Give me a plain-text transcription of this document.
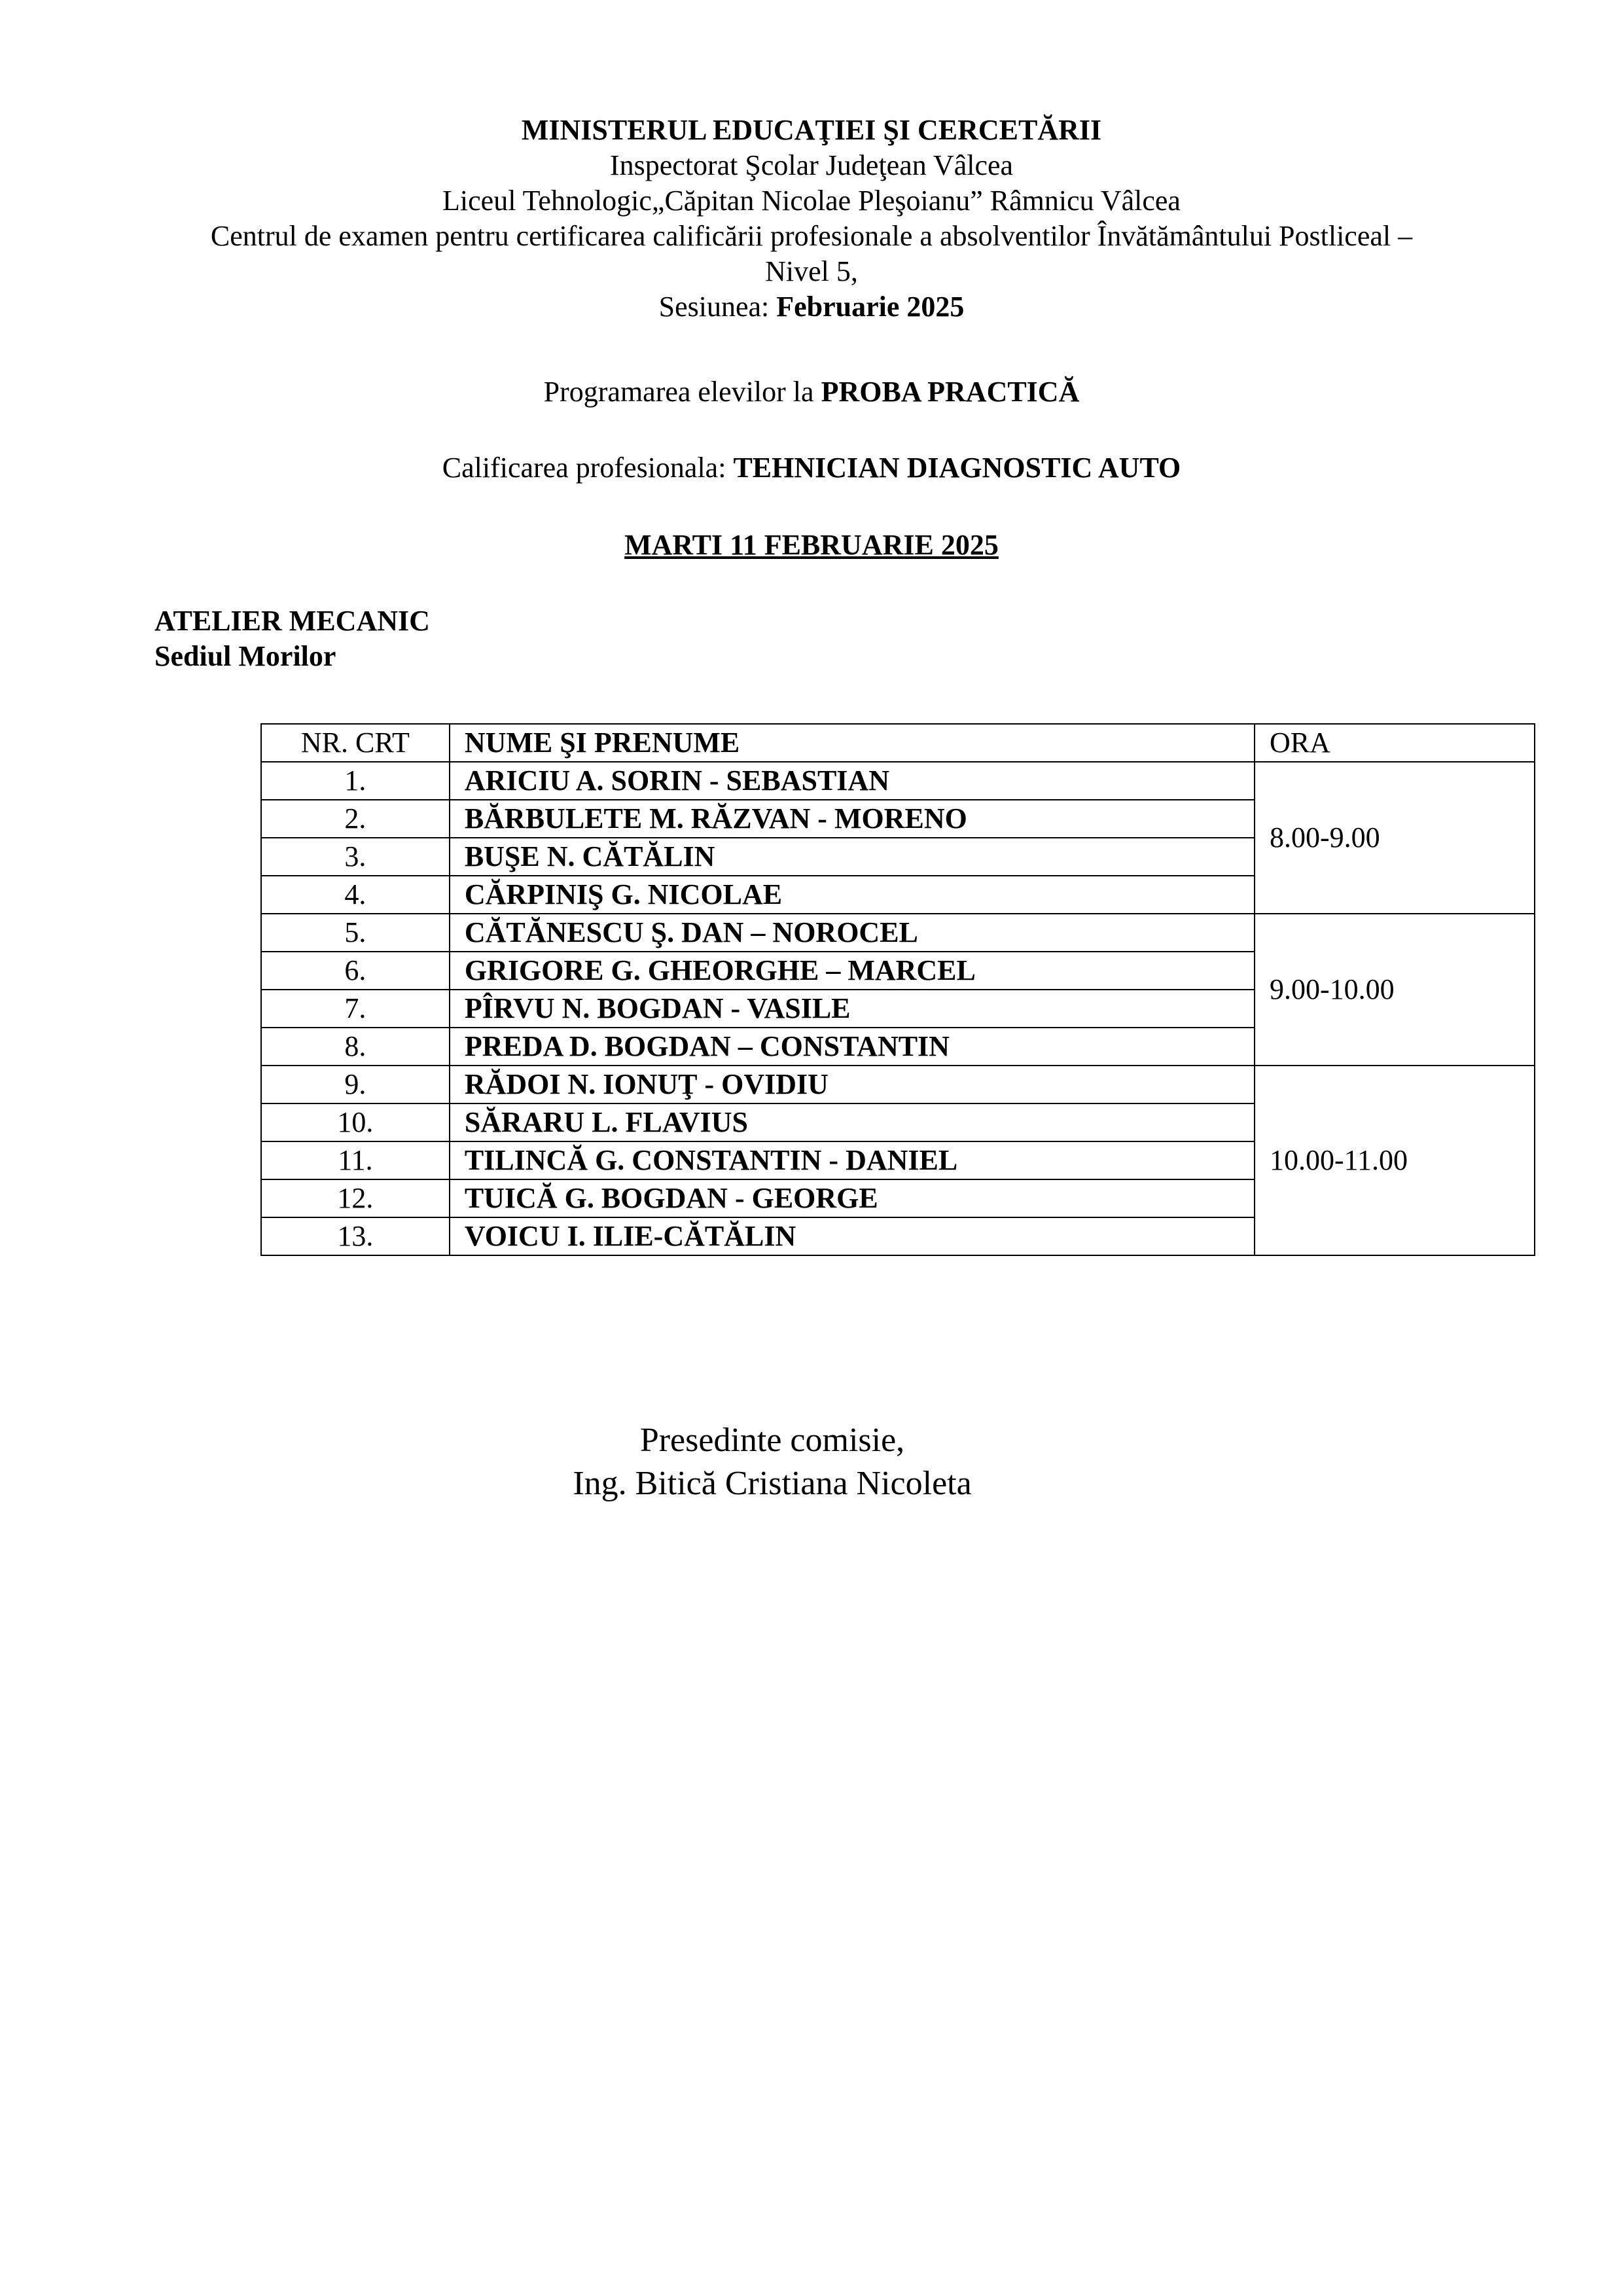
MINISTERUL EDUCAŢIEI ŞI CERCETĂRII
Inspectorat Şcolar Judeţean Vâlcea
Liceul Tehnologic„Căpitan Nicolae Pleşoianu” Râmnicu Vâlcea
Centrul de examen pentru certificarea calificării profesionale a absolventilor Învătământului Postliceal –
Nivel 5,
Sesiunea: Februarie 2025
Programarea elevilor la PROBA PRACTICĂ
Calificarea profesionala: TEHNICIAN DIAGNOSTIC AUTO
MARTI 11 FEBRUARIE 2025
ATELIER MECANIC
Sediul Morilor
NR. CRT	NUME ŞI PRENUME	ORA
1.	ARICIU A. SORIN - SEBASTIAN	8.00-9.00
2.	BĂRBULETE M. RĂZVAN - MORENO	
3.	BUŞE N. CĂTĂLIN	
4.	CĂRPINIŞ G. NICOLAE	
5.	CĂTĂNESCU Ş. DAN – NOROCEL	9.00-10.00
6.	GRIGORE G. GHEORGHE – MARCEL	
7.	PÎRVU N. BOGDAN - VASILE	
8.	PREDA D. BOGDAN – CONSTANTIN	
9.	RĂDOI N. IONUŢ - OVIDIU	10.00-11.00
10.	SĂRARU L. FLAVIUS	
11.	TILINCĂ G. CONSTANTIN - DANIEL	
12.	TUICĂ G. BOGDAN - GEORGE	
13.	VOICU I. ILIE-CĂTĂLIN	
Presedinte comisie,
Ing. Bitică Cristiana Nicoleta
